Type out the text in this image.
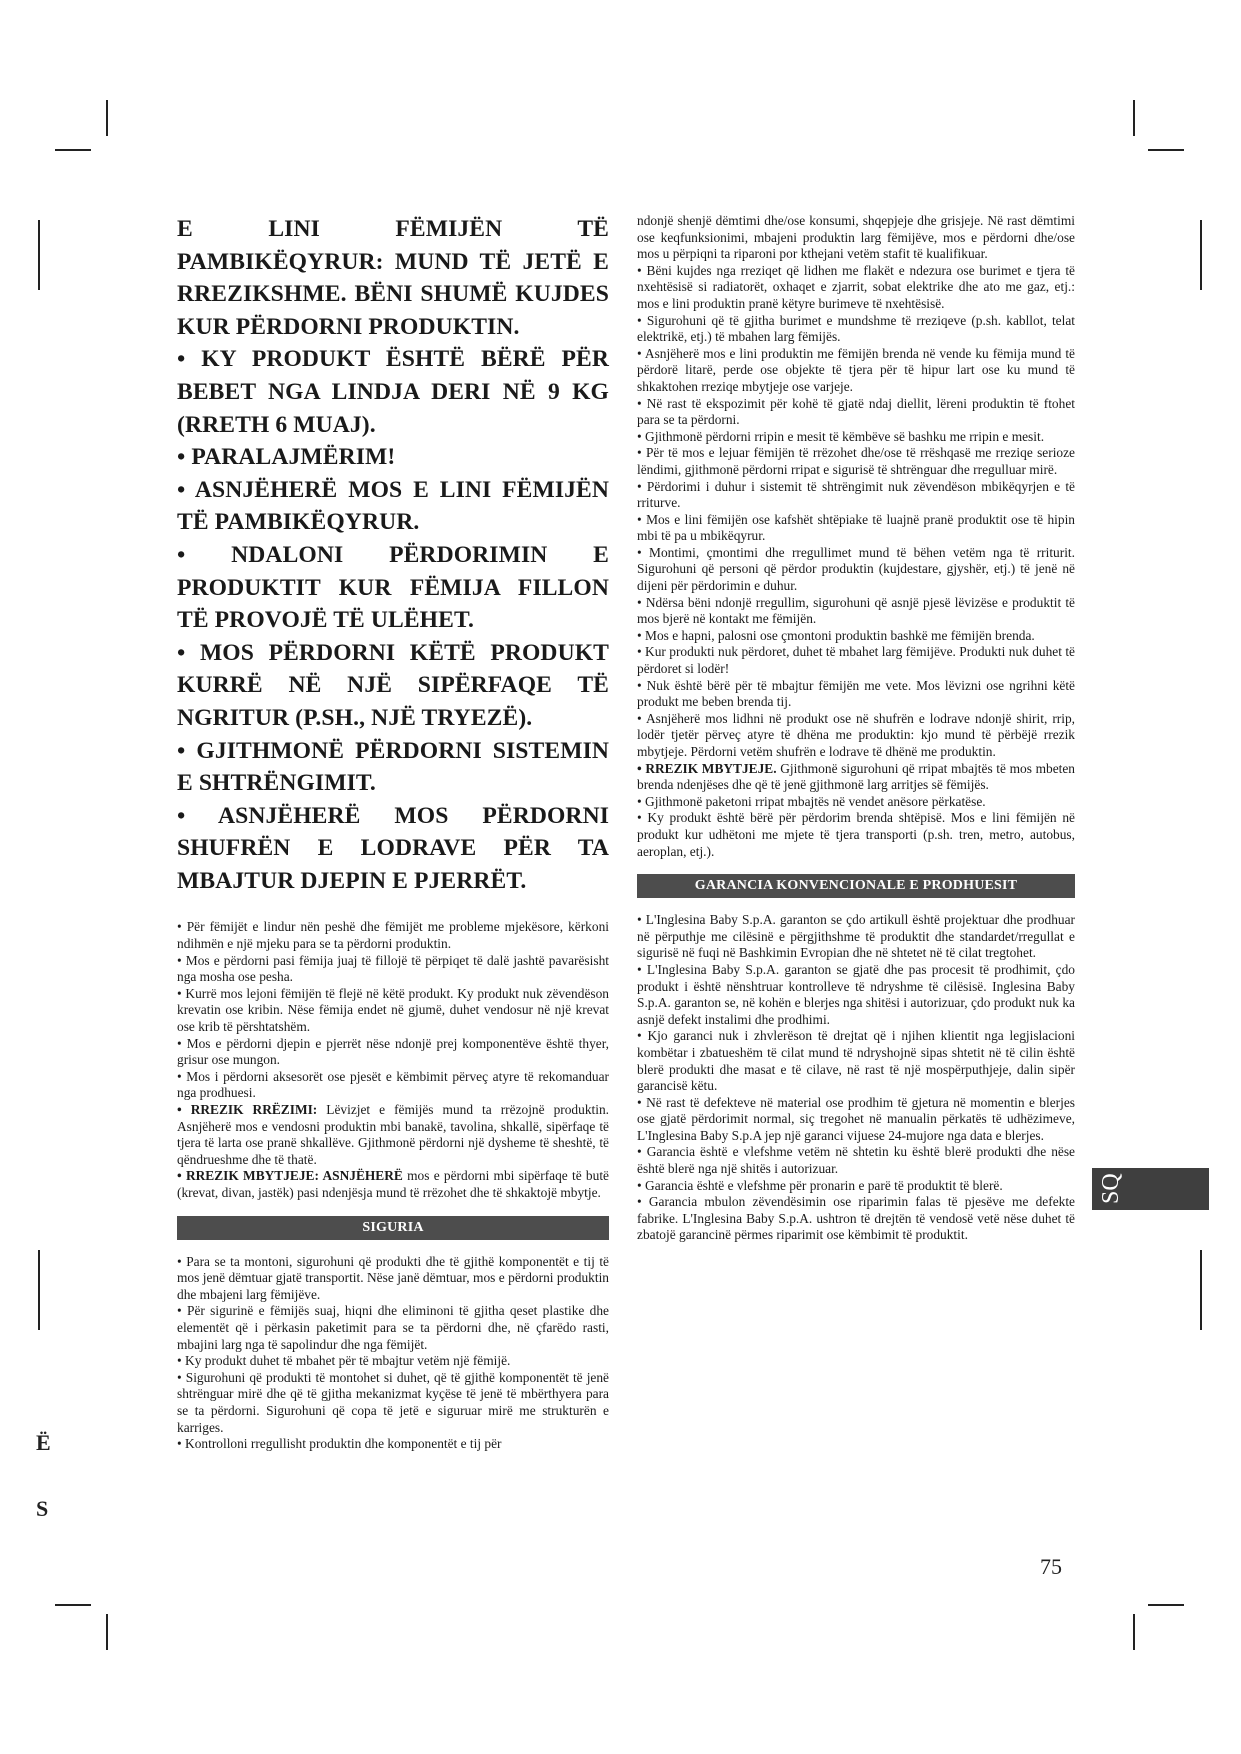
Ë
S

E LINI FËMIJËN TË PAMBIKËQYRUR: MUND TË JETË E RREZIKSHME. BËNI SHUMË KUJDES KUR PËRDORNI PRODUKTIN.

• KY PRODUKT ËSHTË BËRË PËR BEBET NGA LINDJA DERI NË 9 KG (RRETH 6 MUAJ).

• PARALAJMËRIM!

• ASNJËHERË MOS E LINI FËMIJËN TË PAMBIKËQYRUR.

• NDALONI PËRDORIMIN E PRODUKTIT KUR FËMIJA FILLON TË PROVOJË TË ULËHET.

• MOS PËRDORNI KËTË PRODUKT KURRË NË NJË SIPËRFAQE TË NGRITUR (P.SH., NJË TRYEZË).

• GJITHMONË PËRDORNI SISTEMIN E SHTRËNGIMIT.

• ASNJËHERË MOS PËRDORNI SHUFRËN E LODRAVE PËR TA MBAJTUR DJEPIN E PJERRËT.

• Për fëmijët e lindur nën peshë dhe fëmijët me probleme mjekësore, kërkoni ndihmën e një mjeku para se ta përdorni produktin.

• Mos e përdorni pasi fëmija juaj të fillojë të përpiqet të dalë jashtë pavarësisht nga mosha ose pesha.

• Kurrë mos lejoni fëmijën të flejë në këtë produkt. Ky produkt nuk zëvendëson krevatin ose kribin. Nëse fëmija endet në gjumë, duhet vendosur në një krevat ose krib të përshtatshëm.

• Mos e përdorni djepin e pjerrët nëse ndonjë prej komponentëve është thyer, grisur ose mungon.

• Mos i përdorni aksesorët ose pjesët e këmbimit përveç atyre të rekomanduar nga prodhuesi.

• RREZIK RRËZIMI: Lëvizjet e fëmijës mund ta rrëzojnë produktin. Asnjëherë mos e vendosni produktin mbi banakë, tavolina, shkallë, sipërfaqe të tjera të larta ose pranë shkallëve. Gjithmonë përdorni një dysheme të sheshtë, të qëndrueshme dhe të thatë.

• RREZIK MBYTJEJE: ASNJËHERË mos e përdorni mbi sipërfaqe të butë (krevat, divan, jastëk) pasi ndenjësja mund të rrëzohet dhe të shkaktojë mbytje.

SIGURIA

• Para se ta montoni, sigurohuni që produkti dhe të gjithë komponentët e tij të mos jenë dëmtuar gjatë transportit. Nëse janë dëmtuar, mos e përdorni produktin dhe mbajeni larg fëmijëve.

• Për sigurinë e fëmijës suaj, hiqni dhe eliminoni të gjitha qeset plastike dhe elementët që i përkasin paketimit para se ta përdorni dhe, në çfarëdo rasti, mbajini larg nga të sapolindur dhe nga fëmijët.

• Ky produkt duhet të mbahet për të mbajtur vetëm një fëmijë.

• Sigurohuni që produkti të montohet si duhet, që të gjithë komponentët të jenë shtrënguar mirë dhe që të gjitha mekanizmat kyçëse të jenë të mbërthyera para se ta përdorni. Sigurohuni që copa të jetë e siguruar mirë me strukturën e karriges.

• Kontrolloni rregullisht produktin dhe komponentët e tij për

ndonjë shenjë dëmtimi dhe/ose konsumi, shqepjeje dhe grisjeje. Në rast dëmtimi ose keqfunksionimi, mbajeni produktin larg fëmijëve, mos e përdorni dhe/ose mos u përpiqni ta riparoni por kthejani vetëm stafit të kualifikuar.

• Bëni kujdes nga rreziqet që lidhen me flakët e ndezura ose burimet e tjera të nxehtësisë si radiatorët, oxhaqet e zjarrit, sobat elektrike dhe ato me gaz, etj.: mos e lini produktin pranë këtyre burimeve të nxehtësisë.

• Sigurohuni që të gjitha burimet e mundshme të rreziqeve (p.sh. kabllot, telat elektrikë, etj.) të mbahen larg fëmijës.

• Asnjëherë mos e lini produktin me fëmijën brenda në vende ku fëmija mund të përdorë litarë, perde ose objekte të tjera për të hipur lart ose ku mund të shkaktohen rreziqe mbytjeje ose varjeje.

• Në rast të ekspozimit për kohë të gjatë ndaj diellit, lëreni produktin të ftohet para se ta përdorni.

• Gjithmonë përdorni rripin e mesit të këmbëve së bashku me rripin e mesit.

• Për të mos e lejuar fëmijën të rrëzohet dhe/ose të rrëshqasë me rreziqe serioze lëndimi, gjithmonë përdorni rripat e sigurisë të shtrënguar dhe rregulluar mirë.

• Përdorimi i duhur i sistemit të shtrëngimit nuk zëvendëson mbikëqyrjen e të rriturve.

• Mos e lini fëmijën ose kafshët shtëpiake të luajnë pranë produktit ose të hipin mbi të pa u mbikëqyrur.

• Montimi, çmontimi dhe rregullimet mund të bëhen vetëm nga të rriturit. Sigurohuni që personi që përdor produktin (kujdestare, gjyshër, etj.) të jenë në dijeni për përdorimin e duhur.

• Ndërsa bëni ndonjë rregullim, sigurohuni që asnjë pjesë lëvizëse e produktit të mos bjerë në kontakt me fëmijën.

• Mos e hapni, palosni ose çmontoni produktin bashkë me fëmijën brenda.

• Kur produkti nuk përdoret, duhet të mbahet larg fëmijëve. Produkti nuk duhet të përdoret si lodër!

• Nuk është bërë për të mbajtur fëmijën me vete. Mos lëvizni ose ngrihni këtë produkt me beben brenda tij.

• Asnjëherë mos lidhni në produkt ose në shufrën e lodrave ndonjë shirit, rrip, lodër tjetër përveç atyre të dhëna me produktin: kjo mund të përbëjë rrezik mbytjeje. Përdorni vetëm shufrën e lodrave të dhënë me produktin.

• RREZIK MBYTJEJE. Gjithmonë sigurohuni që rripat mbajtës të mos mbeten brenda ndenjëses dhe që të jenë gjithmonë larg arritjes së fëmijës.

• Gjithmonë paketoni rripat mbajtës në vendet anësore përkatëse.

• Ky produkt është bërë për përdorim brenda shtëpisë. Mos e lini fëmijën në produkt kur udhëtoni me mjete të tjera transporti (p.sh. tren, metro, autobus, aeroplan, etj.).

GARANCIA KONVENCIONALE E PRODHUESIT

• L'Inglesina Baby S.p.A. garanton se çdo artikull është projektuar dhe prodhuar në përputhje me cilësinë e përgjithshme të produktit dhe standardet/rregullat e sigurisë në fuqi në Bashkimin Evropian dhe në shtetet në të cilat tregtohet.

• L'Inglesina Baby S.p.A. garanton se gjatë dhe pas procesit të prodhimit, çdo produkt i është nënshtruar kontrolleve të ndryshme të cilësisë. Inglesina Baby S.p.A. garanton se, në kohën e blerjes nga shitësi i autorizuar, çdo produkt nuk ka asnjë defekt instalimi dhe prodhimi.

• Kjo garanci nuk i zhvlerëson të drejtat që i njihen klientit nga legjislacioni kombëtar i zbatueshëm të cilat mund të ndryshojnë sipas shtetit në të cilin është blerë produkti dhe masat e të cilave, në rast të një mospërputhjeje, dalin sipër garancisë këtu.

• Në rast të defekteve në material ose prodhim të gjetura në momentin e blerjes ose gjatë përdorimit normal, siç tregohet në manualin përkatës të udhëzimeve, L'Inglesina Baby S.p.A jep një garanci vijuese 24-mujore nga data e blerjes.

• Garancia është e vlefshme vetëm në shtetin ku është blerë produkti dhe nëse është blerë nga një shitës i autorizuar.

• Garancia është e vlefshme për pronarin e parë të produktit të blerë.

• Garancia mbulon zëvendësimin ose riparimin falas të pjesëve me defekte fabrike. L'Inglesina Baby S.p.A. ushtron të drejtën të vendosë vetë nëse duhet të zbatojë garancinë përmes riparimit ose këmbimit të produktit.

SQ
75
